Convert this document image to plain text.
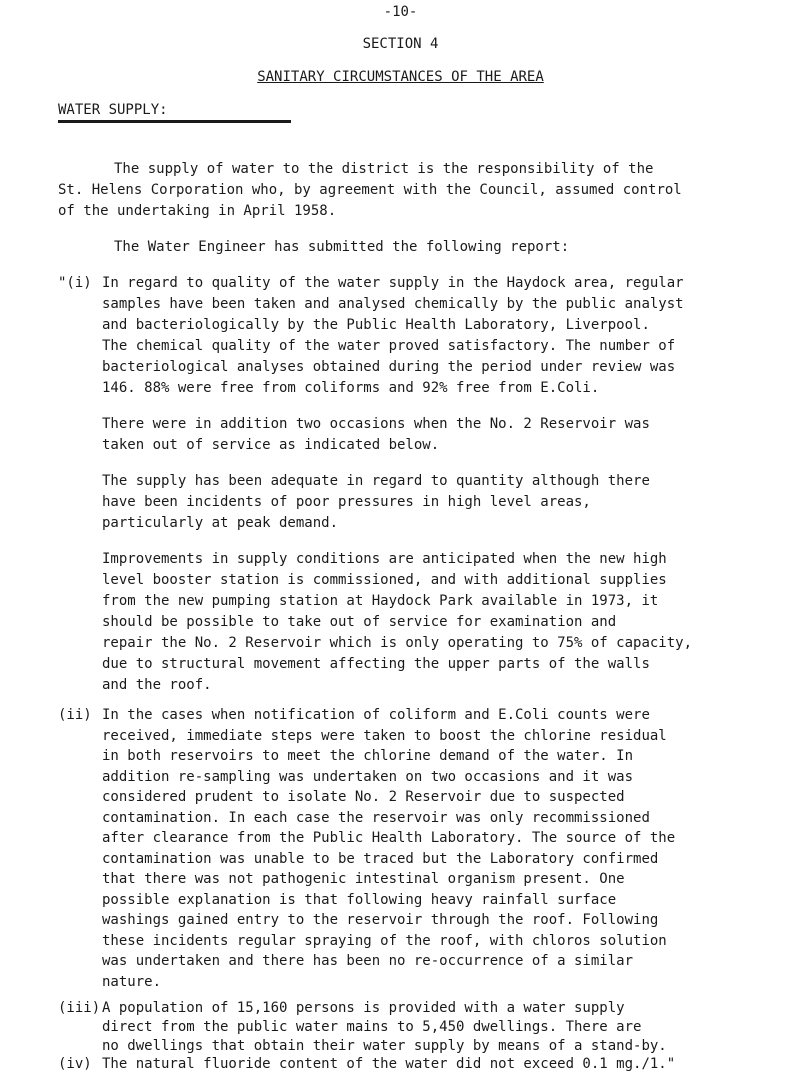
-10-
SECTION 4
SANITARY CIRCUMSTANCES OF THE AREA
WATER SUPPLY:
The supply of water to the district is the responsibility of the
St. Helens Corporation who, by agreement with the Council, assumed control
of the undertaking in April 1958.
The Water Engineer has submitted the following report:
"(i) In regard to quality of the water supply in the Haydock area, regular
samples have been taken and analysed chemically by the public analyst
and bacteriologically by the Public Health Laboratory, Liverpool.
The chemical quality of the water proved satisfactory. The number of
bacteriological analyses obtained during the period under review was
146. 88% were free from coliforms and 92% free from E.Coli.
There were in addition two occasions when the No. 2 Reservoir was
taken out of service as indicated below.
The supply has been adequate in regard to quantity although there
have been incidents of poor pressures in high level areas,
particularly at peak demand.
Improvements in supply conditions are anticipated when the new high
level booster station is commissioned, and with additional supplies
from the new pumping station at Haydock Park available in 1973, it
should be possible to take out of service for examination and
repair the No. 2 Reservoir which is only operating to 75% of capacity,
due to structural movement affecting the upper parts of the walls
and the roof.
(ii) In the cases when notification of coliform and E.Coli counts were
received, immediate steps were taken to boost the chlorine residual
in both reservoirs to meet the chlorine demand of the water. In
addition re-sampling was undertaken on two occasions and it was
considered prudent to isolate No. 2 Reservoir due to suspected
contamination. In each case the reservoir was only recommissioned
after clearance from the Public Health Laboratory. The source of the
contamination was unable to be traced but the Laboratory confirmed
that there was not pathogenic intestinal organism present. One
possible explanation is that following heavy rainfall surface
washings gained entry to the reservoir through the roof. Following
these incidents regular spraying of the roof, with chloros solution
was undertaken and there has been no re-occurrence of a similar
nature.
(iii) A population of 15,160 persons is provided with a water supply
direct from the public water mains to 5,450 dwellings. There are
no dwellings that obtain their water supply by means of a stand-by.
(iv) The natural fluoride content of the water did not exceed 0.1 mg./1."
